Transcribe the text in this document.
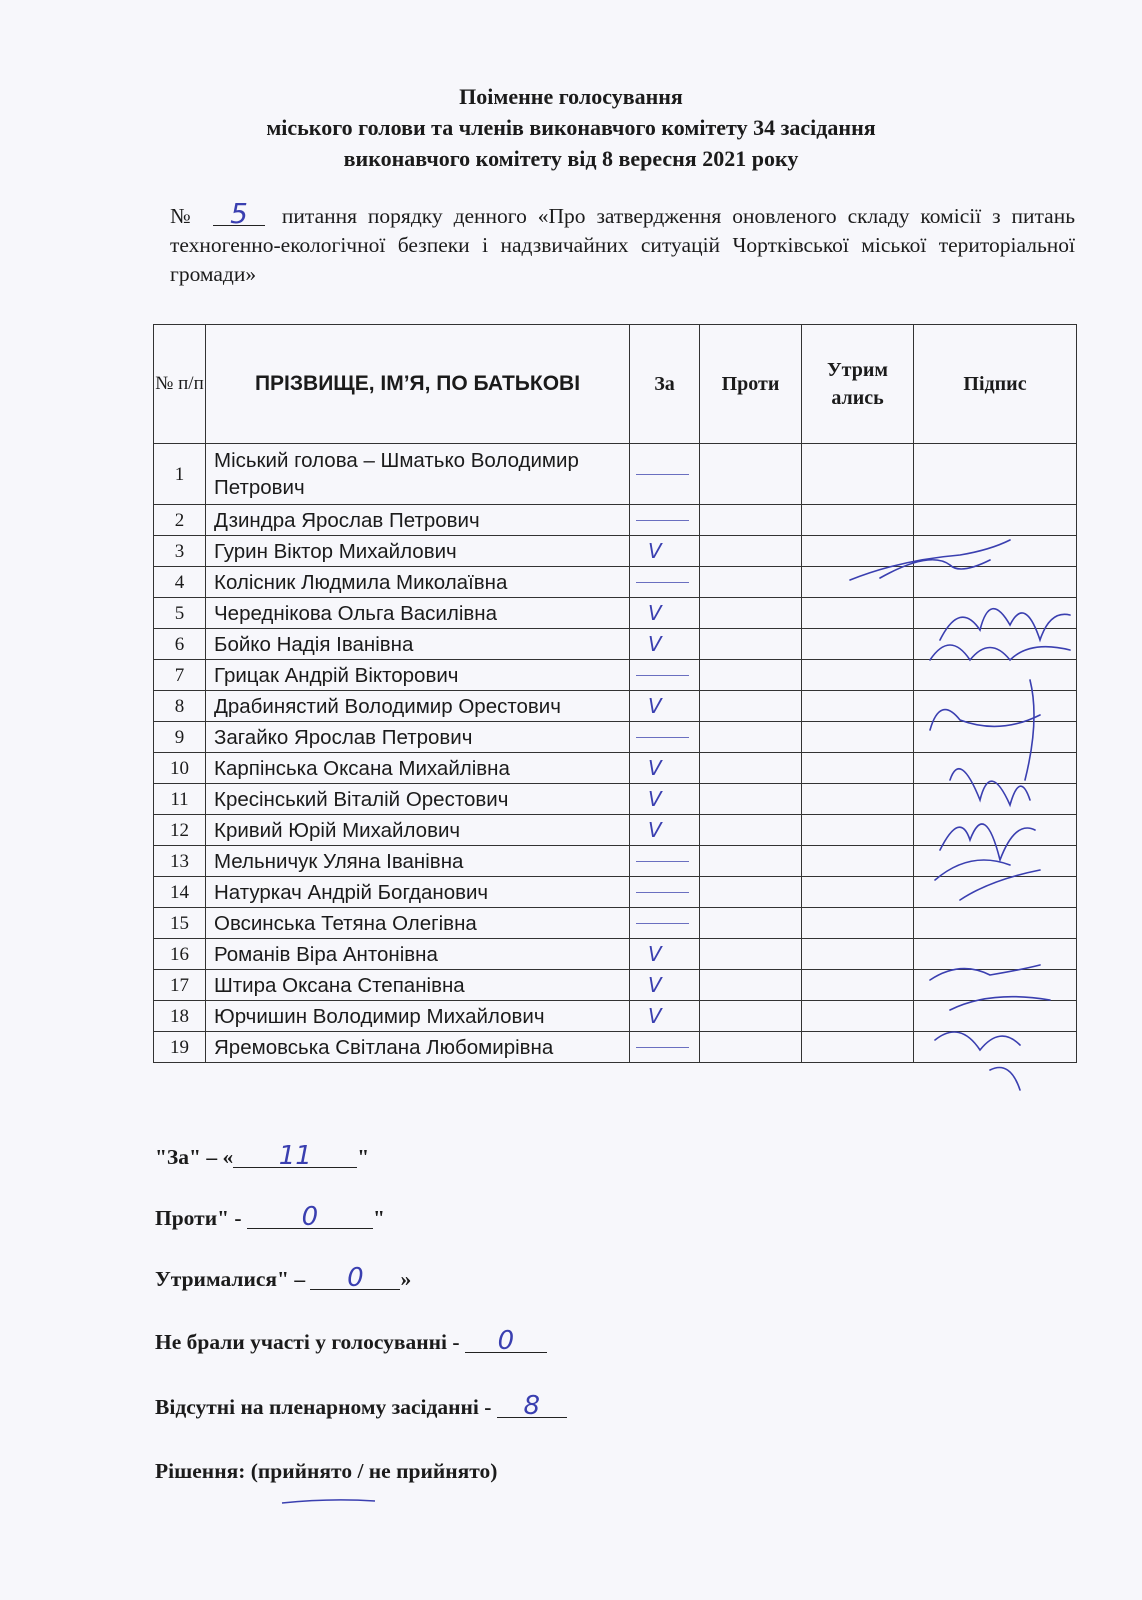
Поіменне голосування
міського голови та членів виконавчого комітету 34 засідання
виконавчого комітету від 8 вересня 2021 року
№ 5 питання порядку денного «Про затвердження оновленого складу комісії з питань техногенно-екологічної безпеки і надзвичайних ситуацій Чортківської міської територіальної громади»
№ п/п	ПРІЗВИЩЕ, ІМ’Я, ПО БАТЬКОВІ	За	Проти	Утрим ались	Підпис
1	Міський голова – Шматько Володимир Петрович	

2	Дзиндра Ярослав Петрович	

3	Гурин Віктор Михайлович	V			
4	Колісник Людмила Миколаївна	

5	Череднікова Ольга Василівна	V			
6	Бойко Надія Іванівна	V			
7	Грицак Андрій Вікторович	

8	Драбинястий Володимир Орестович	V			
9	Загайко Ярослав Петрович	

10	Карпінська Оксана Михайлівна	V			
11	Кресінський Віталій Орестович	V			
12	Кривий Юрій Михайлович	V			
13	Мельничук Уляна Іванівна	

14	Натуркач Андрій Богданович	

15	Овсинська Тетяна Олегівна	

16	Романів Віра Антонівна	V			
17	Штира Оксана Степанівна	V			
18	Юрчишин Володимир Михайлович	V			
19	Яремовська Світлана Любомирівна	

"За" – « 11 "
Проти" - 0	"
Утрималися" – 0 »
Не брали участі у голосуванні - 0
Відсутні на пленарному засіданні - 8
Рішення: (прийнято / не прийнято)
